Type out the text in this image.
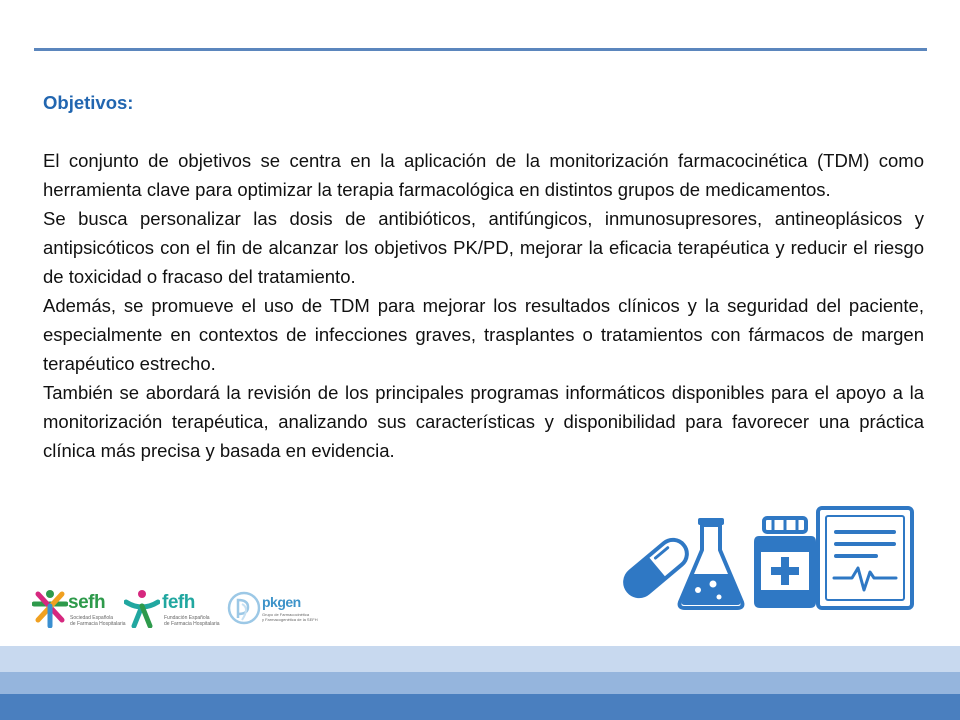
Objetivos:

El conjunto de objetivos se centra en la aplicación de la monitorización farmacocinética (TDM) como herramienta clave para optimizar la terapia farmacológica en distintos grupos de medicamentos.

Se busca personalizar las dosis de antibióticos, antifúngicos, inmunosupresores, antineoplásicos y antipsicóticos con el fin de alcanzar los objetivos PK/PD, mejorar la eficacia terapéutica y reducir el riesgo de toxicidad o fracaso del tratamiento.

Además, se promueve el uso de TDM para mejorar los resultados clínicos y la seguridad del paciente, especialmente en contextos de infecciones graves, trasplantes o tratamientos con fármacos de margen terapéutico estrecho.

También se abordará la revisión de los principales programas informáticos disponibles para el apoyo a la monitorización terapéutica, analizando sus características y disponibilidad para favorecer una práctica clínica más precisa y basada en evidencia.

sefh
Sociedad Española
de Farmacia Hospitalaria
fefh
Fundación Española
de Farmacia Hospitalaria
pkgen
Grupo de Farmacocinética
y Farmacogenética de la SEFH
